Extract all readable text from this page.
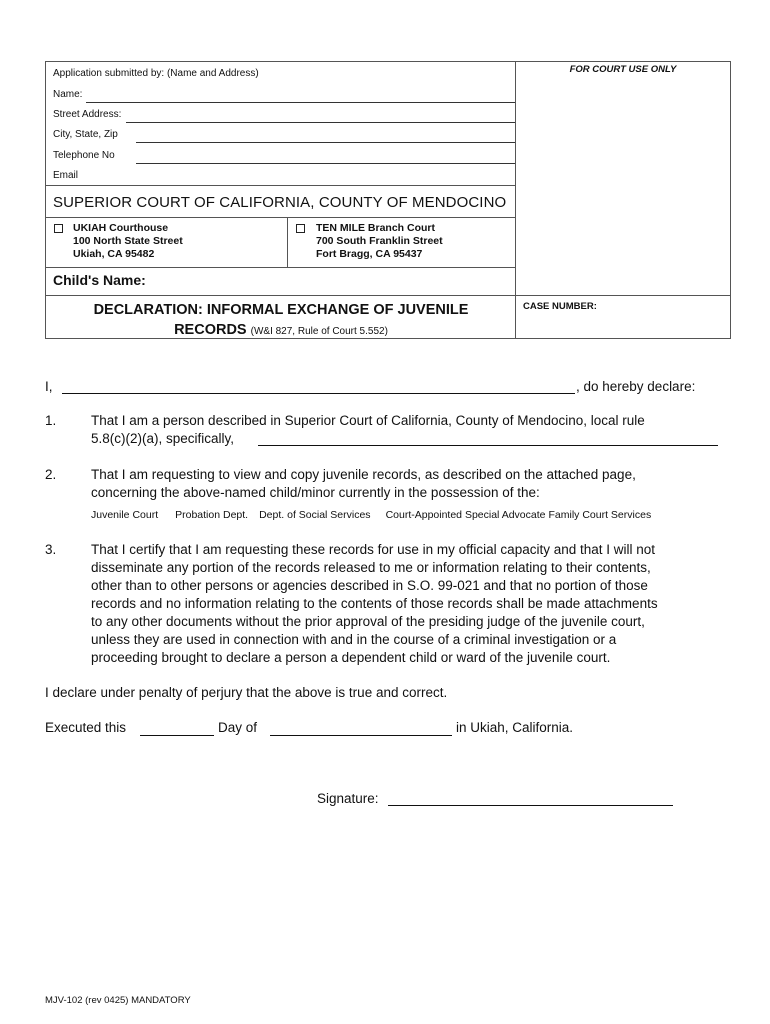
Application submitted by: (Name and Address)
Name:
Street Address:
City, State, Zip
Telephone No
Email
SUPERIOR COURT OF CALIFORNIA, COUNTY OF MENDOCINO
UKIAH Courthouse
100 North State Street
Ukiah, CA 95482
TEN MILE Branch Court
700 South Franklin Street
Fort Bragg, CA 95437
Child's Name:
DECLARATION: INFORMAL EXCHANGE OF JUVENILE
RECORDS (W&I 827, Rule of Court 5.552)
FOR COURT USE ONLY
CASE NUMBER:
I,	, do hereby declare:
1.	That I am a person described in Superior Court of California, County of Mendocino, local rule
5.8(c)(2)(a), specifically,
2.	That I am requesting to view and copy juvenile records, as described on the attached page,
concerning the above-named child/minor currently in the possession of the:
Juvenile Court Probation Dept. Dept. of Social Services Court-Appointed Special Advocate Family Court Services
3.	That I certify that I am requesting these records for use in my official capacity and that I will not
disseminate any portion of the records released to me or information relating to their contents,
other than to other persons or agencies described in S.O. 99-021 and that no portion of those
records and no information relating to the contents of those records shall be made attachments
to any other documents without the prior approval of the presiding judge of the juvenile court,
unless they are used in connection with and in the course of a criminal investigation or a
proceeding brought to declare a person a dependent child or ward of the juvenile court.
I declare under penalty of perjury that the above is true and correct.
Executed this	Day of	in Ukiah, California.
Signature:
MJV-102 (rev 0425) MANDATORY
